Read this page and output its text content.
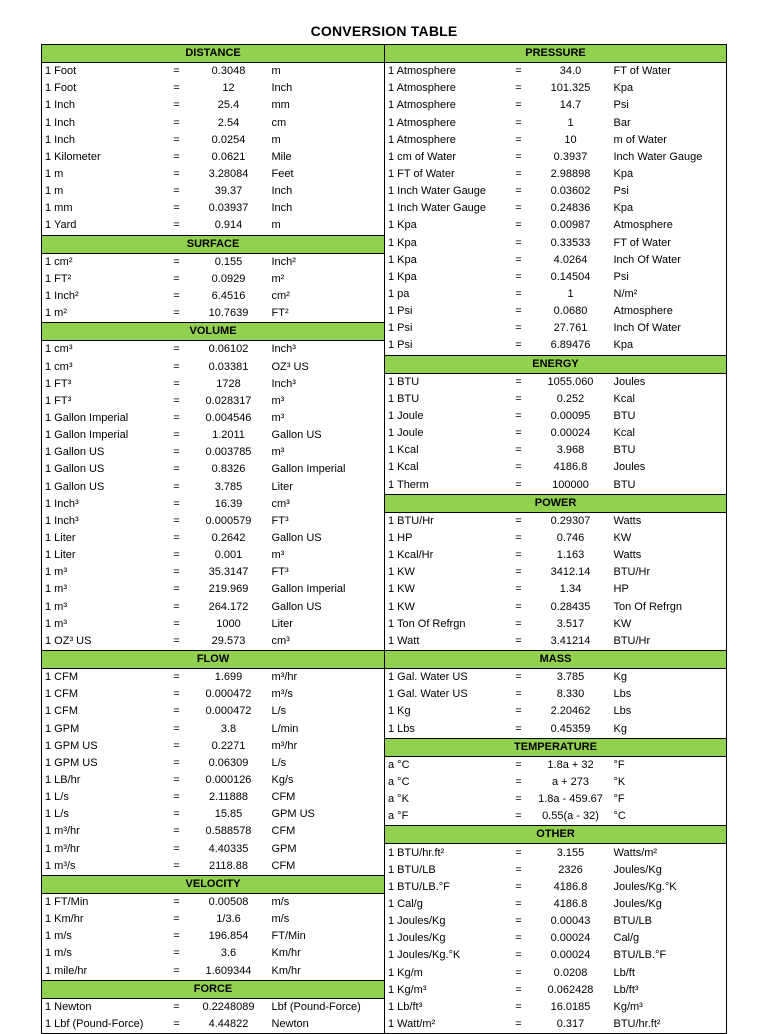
CONVERSION TABLE
DISTANCE			
1 Foot	=	0.3048	m
1 Foot	=	12	Inch
1 Inch	=	25.4	mm
1 Inch	=	2.54	cm
1 Inch	=	0.0254	m
1 Kilometer	=	0.0621	Mile
1 m	=	3.28084	Feet
1 m	=	39.37	Inch
1 mm	=	0.03937	Inch
1 Yard	=	0.914	m
SURFACE			
1 cm²	=	0.155	Inch²
1 FT²	=	0.0929	m²
1 Inch²	=	6.4516	cm²
1 m²	=	10.7639	FT²
VOLUME			
1 cm³	=	0.06102	Inch³
1 cm³	=	0.03381	OZ³ US
1 FT³	=	1728	Inch³
1 FT³	=	0.028317	m³
1 Gallon Imperial	=	0.004546	m³
1 Gallon Imperial	=	1.2011	Gallon US
1 Gallon US	=	0.003785	m³
1 Gallon US	=	0.8326	Gallon Imperial
1 Gallon US	=	3.785	Liter
1 Inch³	=	16.39	cm³
1 Inch³	=	0.000579	FT³
1 Liter	=	0.2642	Gallon US
1 Liter	=	0.001	m³
1 m³	=	35.3147	FT³
1 m³	=	219.969	Gallon Imperial
1 m³	=	264.172	Gallon US
1 m³	=	1000	Liter
1 OZ³ US	=	29.573	cm³
FLOW			
1 CFM	=	1.699	m³/hr
1 CFM	=	0.000472	m³/s
1 CFM	=	0.000472	L/s
1 GPM	=	3.8	L/min
1 GPM US	=	0.2271	m³/hr
1 GPM US	=	0.06309	L/s
1 LB/hr	=	0.000126	Kg/s
1 L/s	=	2.11888	CFM
1 L/s	=	15.85	GPM US
1 m³/hr	=	0.588578	CFM
1 m³/hr	=	4.40335	GPM
1 m³/s	=	2118.88	CFM
VELOCITY			
1 FT/Min	=	0.00508	m/s
1 Km/hr	=	1/3.6	m/s
1 m/s	=	196.854	FT/Min
1 m/s	=	3.6	Km/hr
1 mile/hr	=	1.609344	Km/hr
FORCE			
1 Newton	=	0.2248089	Lbf (Pound-Force)
1 Lbf (Pound-Force)	=	4.44822	Newton
PRESSURE			
1 Atmosphere	=	34.0	FT of Water
1 Atmosphere	=	101.325	Kpa
1 Atmosphere	=	14.7	Psi
1 Atmosphere	=	1	Bar
1 Atmosphere	=	10	m of Water
1 cm of Water	=	0.3937	Inch Water Gauge
1 FT of Water	=	2.98898	Kpa
1 Inch Water Gauge	=	0.03602	Psi
1 Inch Water Gauge	=	0.24836	Kpa
1 Kpa	=	0.00987	Atmosphere
1 Kpa	=	0.33533	FT of Water
1 Kpa	=	4.0264	Inch Of Water
1 Kpa	=	0.14504	Psi
1 pa	=	1	N/m²
1 Psi	=	0.0680	Atmosphere
1 Psi	=	27.761	Inch Of Water
1 Psi	=	6.89476	Kpa
ENERGY			
1 BTU	=	1055.060	Joules
1 BTU	=	0.252	Kcal
1 Joule	=	0.00095	BTU
1 Joule	=	0.00024	Kcal
1 Kcal	=	3.968	BTU
1 Kcal	=	4186.8	Joules
1 Therm	=	100000	BTU
POWER			
1 BTU/Hr	=	0.29307	Watts
1 HP	=	0.746	KW
1 Kcal/Hr	=	1.163	Watts
1 KW	=	3412.14	BTU/Hr
1 KW	=	1.34	HP
1 KW	=	0.28435	Ton Of Refrgn
1 Ton Of Refrgn	=	3.517	KW
1 Watt	=	3.41214	BTU/Hr
MASS			
1 Gal. Water US	=	3.785	Kg
1 Gal. Water US	=	8.330	Lbs
1 Kg	=	2.20462	Lbs
1 Lbs	=	0.45359	Kg
TEMPERATURE			
a °C	=	1.8a + 32	°F
a °C	=	a + 273	°K
a °K	=	1.8a - 459.67	°F
a °F	=	0.55(a - 32)	°C
OTHER			
1 BTU/hr.ft²	=	3.155	Watts/m²
1 BTU/LB	=	2326	Joules/Kg
1 BTU/LB.°F	=	4186.8	Joules/Kg.°K
1 Cal/g	=	4186.8	Joules/Kg
1 Joules/Kg	=	0.00043	BTU/LB
1 Joules/Kg	=	0.00024	Cal/g
1 Joules/Kg.°K	=	0.00024	BTU/LB.°F
1 Kg/m	=	0.0208	Lb/ft
1 Kg/m³	=	0.062428	Lb/ft³
1 Lb/ft³	=	16.0185	Kg/m³
1 Watt/m²	=	0.317	BTU/hr.ft²
